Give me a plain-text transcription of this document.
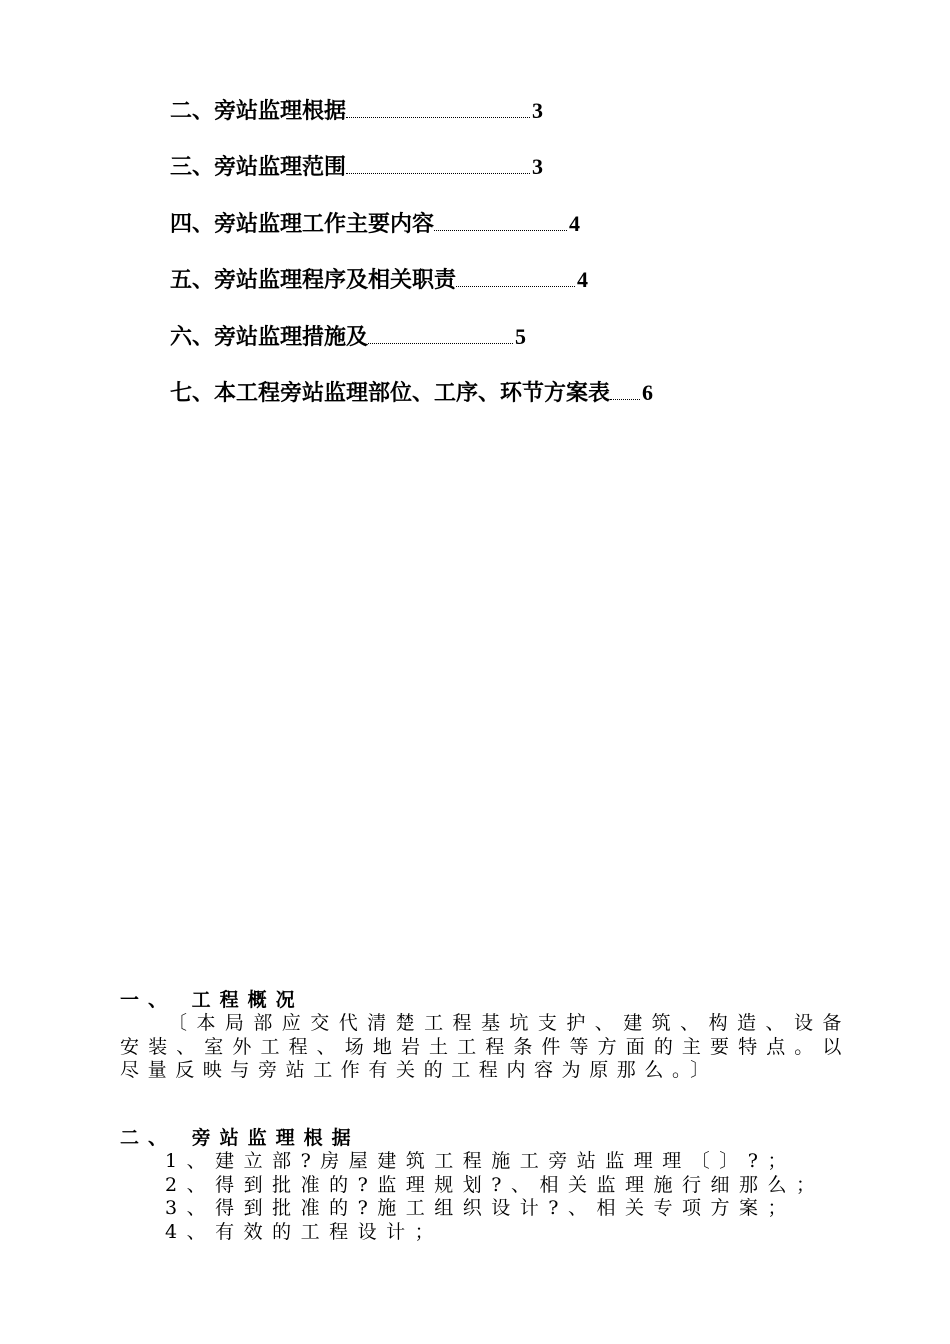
二、旁站监理根据	3
三、旁站监理范围	3
四、旁站监理工作主要内容	4
五、旁站监理程序及相关职责	4
六、旁站监理措施及	5
七、本工程旁站监理部位、工序、环节方案表 6
一、 工程概况

〔本局部应交代清楚工程基坑支护、建筑、构造、设备安装、室外工程、场地岩土工程条件等方面的主要特点。以尽量反映与旁站工作有关的工程内容为原那么。〕

二、 旁站监理根据
1、建立部?房屋建筑工程施工旁站监理理〔〕?；
2、得到批准的?监理规划?、相关监理施行细那么；
3、得到批准的?施工组织设计?、相关专项方案；
4、有效的工程设计；
